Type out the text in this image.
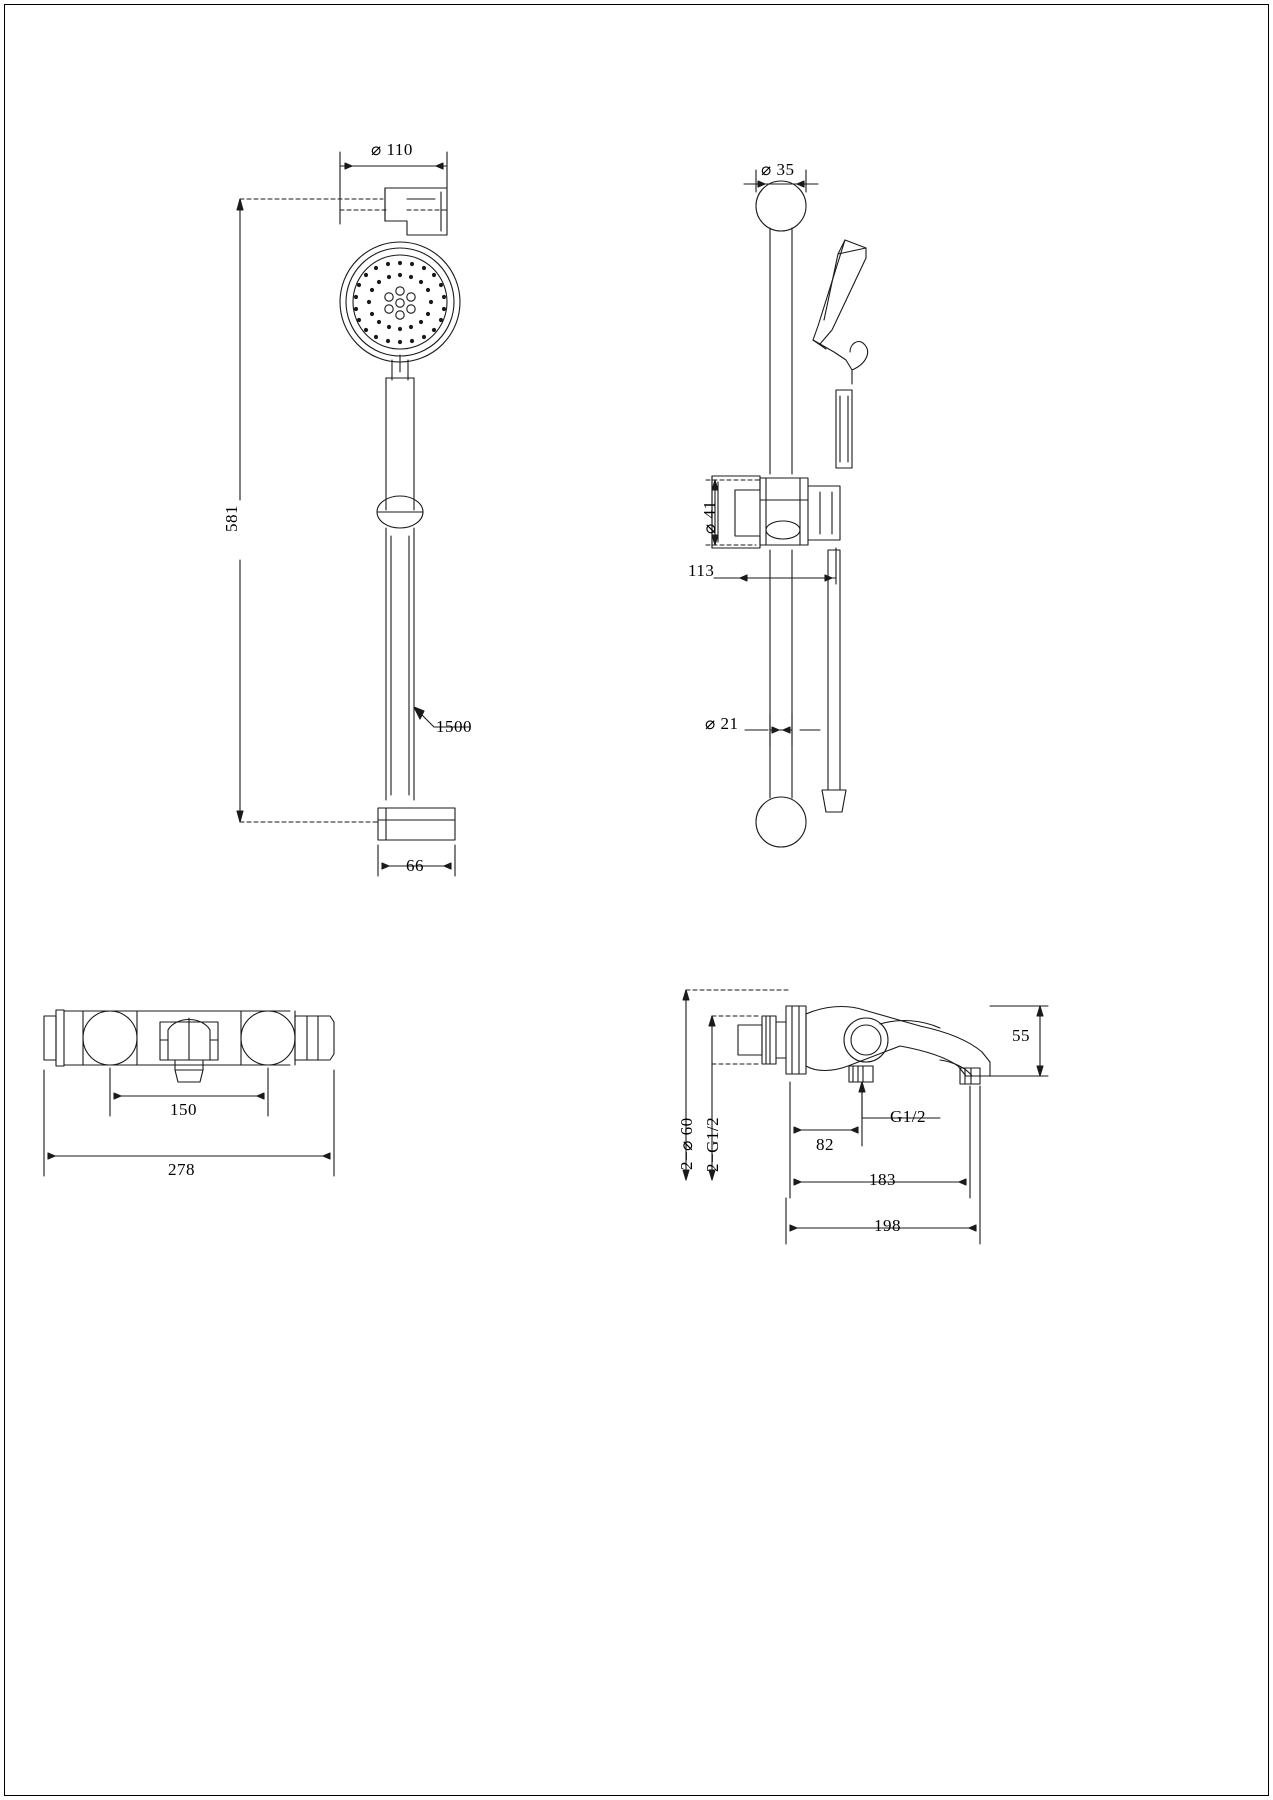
⌀ 110
581
1500
66
⌀ 35
⌀ 41
113
⌀ 21
150
278
55
2−⌀ 60 2−G1/2
G1/2
82
183
198
